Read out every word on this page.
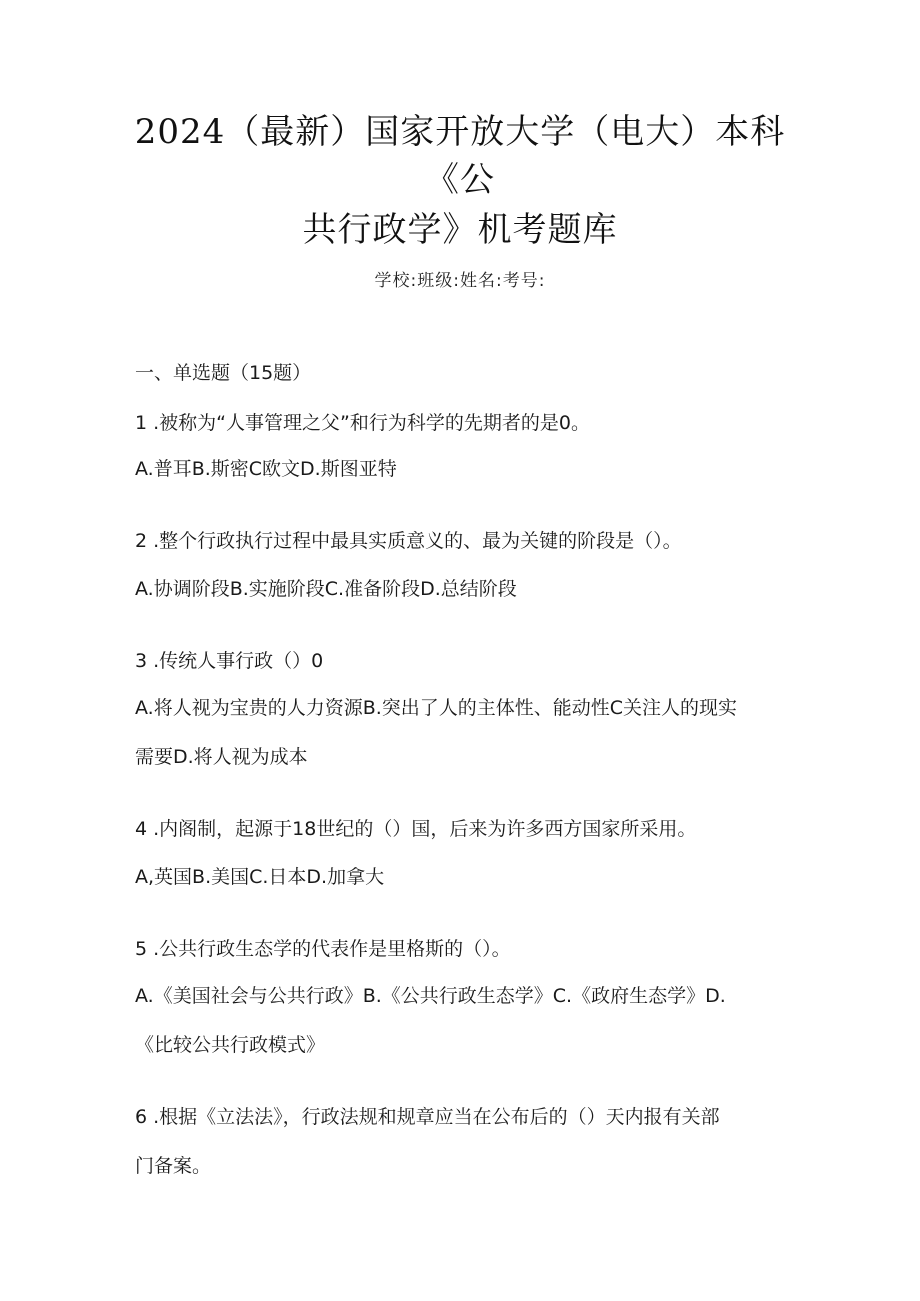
2024（最新）国家开放大学（电大）本科
《公
共行政学》机考题库
学校:班级:姓名:考号:
一、单选题（15题）
1 .被称为“人事管理之父”和行为科学的先期者的是0。
A.普耳B.斯密C欧文D.斯图亚特
2 .整个行政执行过程中最具实质意义的、最为关键的阶段是（）。
A.协调阶段B.实施阶段C.准备阶段D.总结阶段
3 .传统人事行政（）0
A.将人视为宝贵的人力资源B.突出了人的主体性、能动性C关注人的现实
需要D.将人视为成本
4 .内阁制，起源于18世纪的（）国，后来为许多西方国家所采用。
A,英国B.美国C.日本D.加拿大
5 .公共行政生态学的代表作是里格斯的（）。
A.《美国社会与公共行政》B.《公共行政生态学》C.《政府生态学》D.
《比较公共行政模式》
6 .根据《立法法》，行政法规和规章应当在公布后的（）天内报有关部
门备案。
